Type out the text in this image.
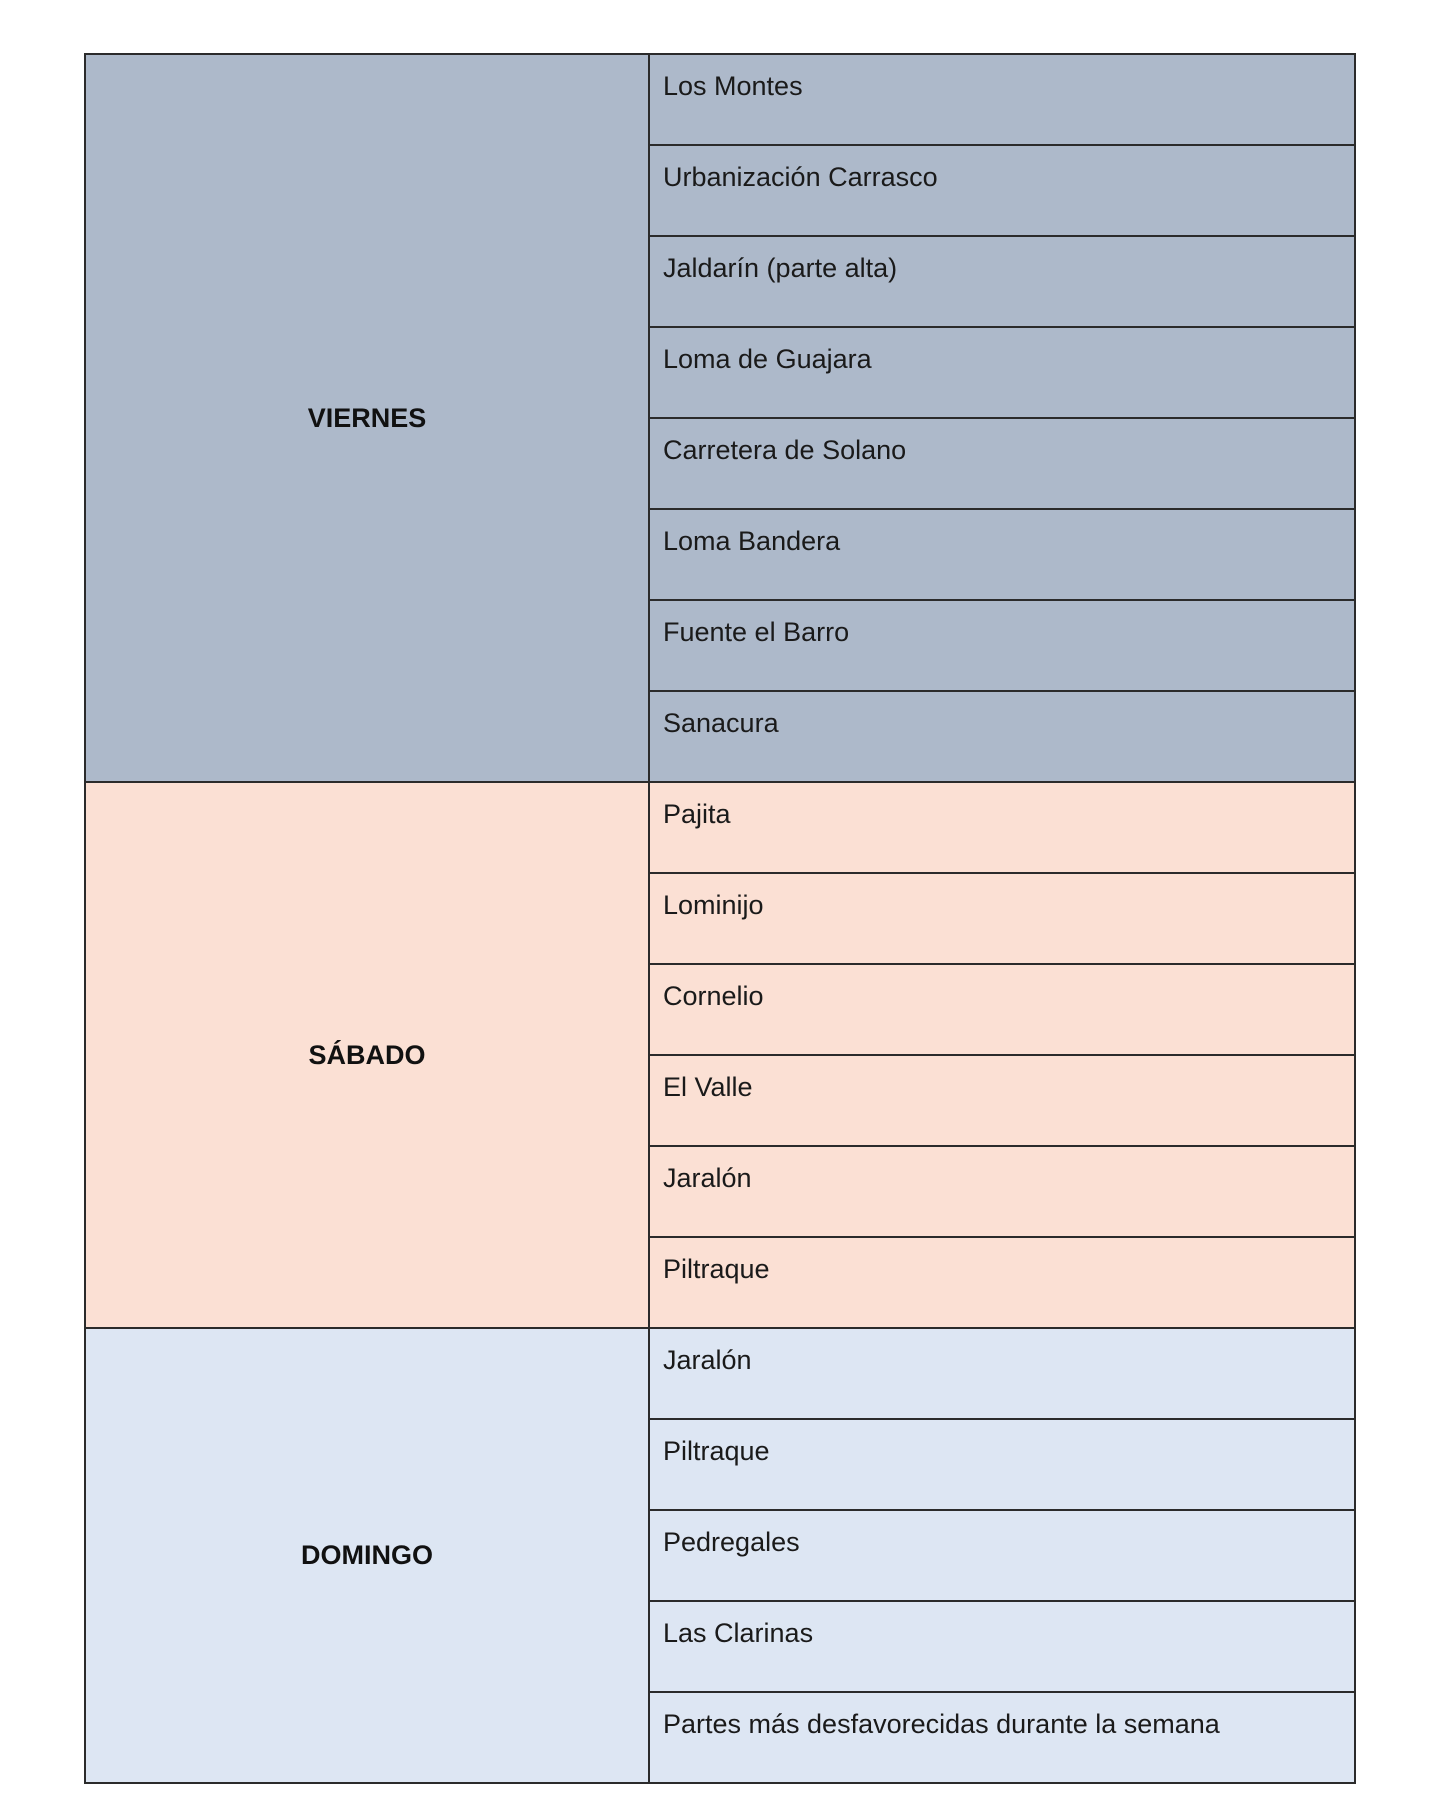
VIERNES	Los Montes
	Urbanización Carrasco
	Jaldarín (parte alta)
	Loma de Guajara
	Carretera de Solano
	Loma Bandera
	Fuente el Barro
	Sanacura
SÁBADO	Pajita
	Lominijo
	Cornelio
	El Valle
	Jaralón
	Piltraque
DOMINGO	Jaralón
	Piltraque
	Pedregales
	Las Clarinas
	Partes más desfavorecidas durante la semana
